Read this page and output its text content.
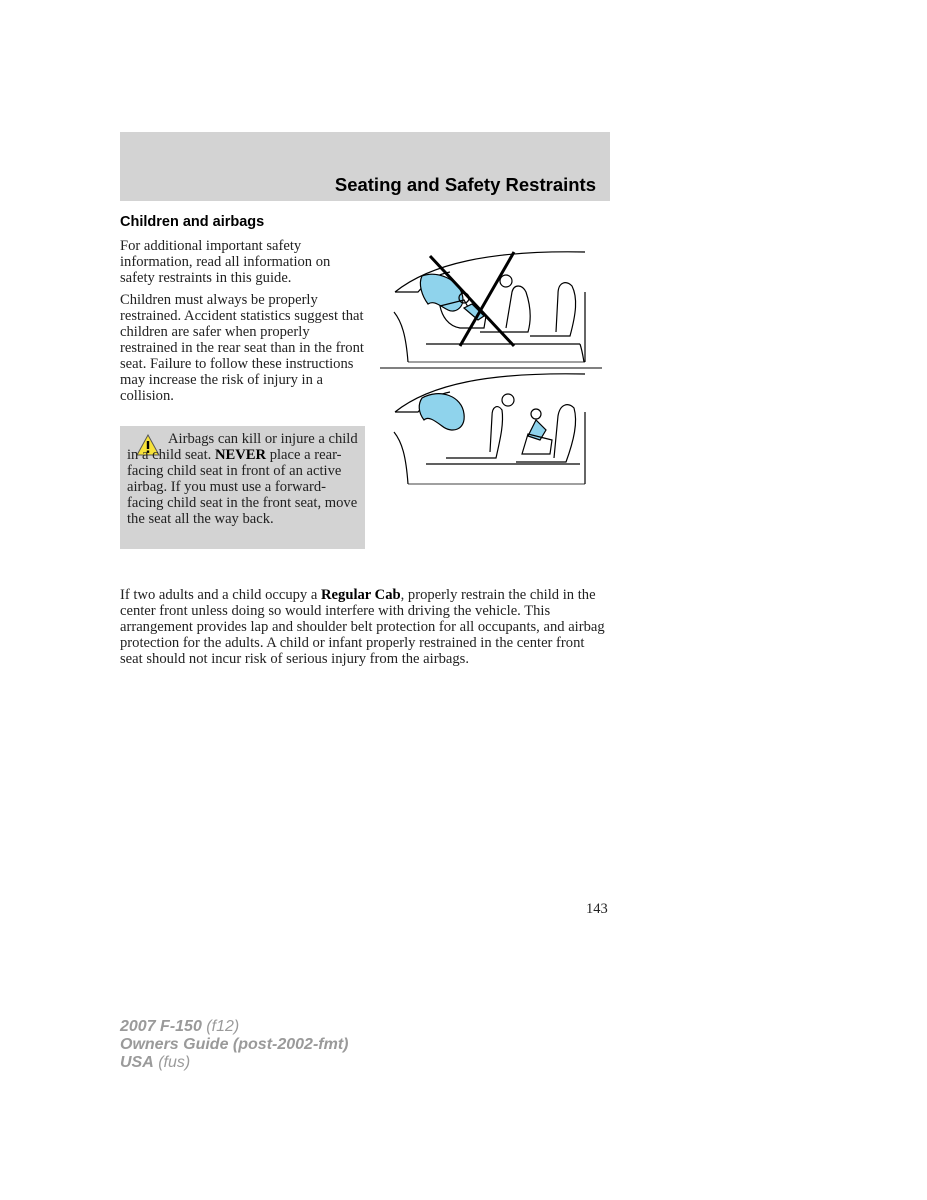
Seating and Safety Restraints
Children and airbags

For additional important safety information, read all information on safety restraints in this guide.

Children must always be properly restrained. Accident statistics suggest that children are safer when properly restrained in the rear seat than in the front seat. Failure to follow these instructions may increase the risk of injury in a collision.

Airbags can kill or injure a child in a child seat. NEVER place a rear-facing child seat in front of an active airbag. If you must use a forward-facing child seat in the front seat, move the seat all the way back.

If two adults and a child occupy a Regular Cab, properly restrain the child in the center front unless doing so would interfere with driving the vehicle. This arrangement provides lap and shoulder belt protection for all occupants, and airbag protection for the adults. A child or infant properly restrained in the center front seat should not incur risk of serious injury from the airbags.

143
2007 F-150 (f12)
Owners Guide (post-2002-fmt)
USA (fus)
